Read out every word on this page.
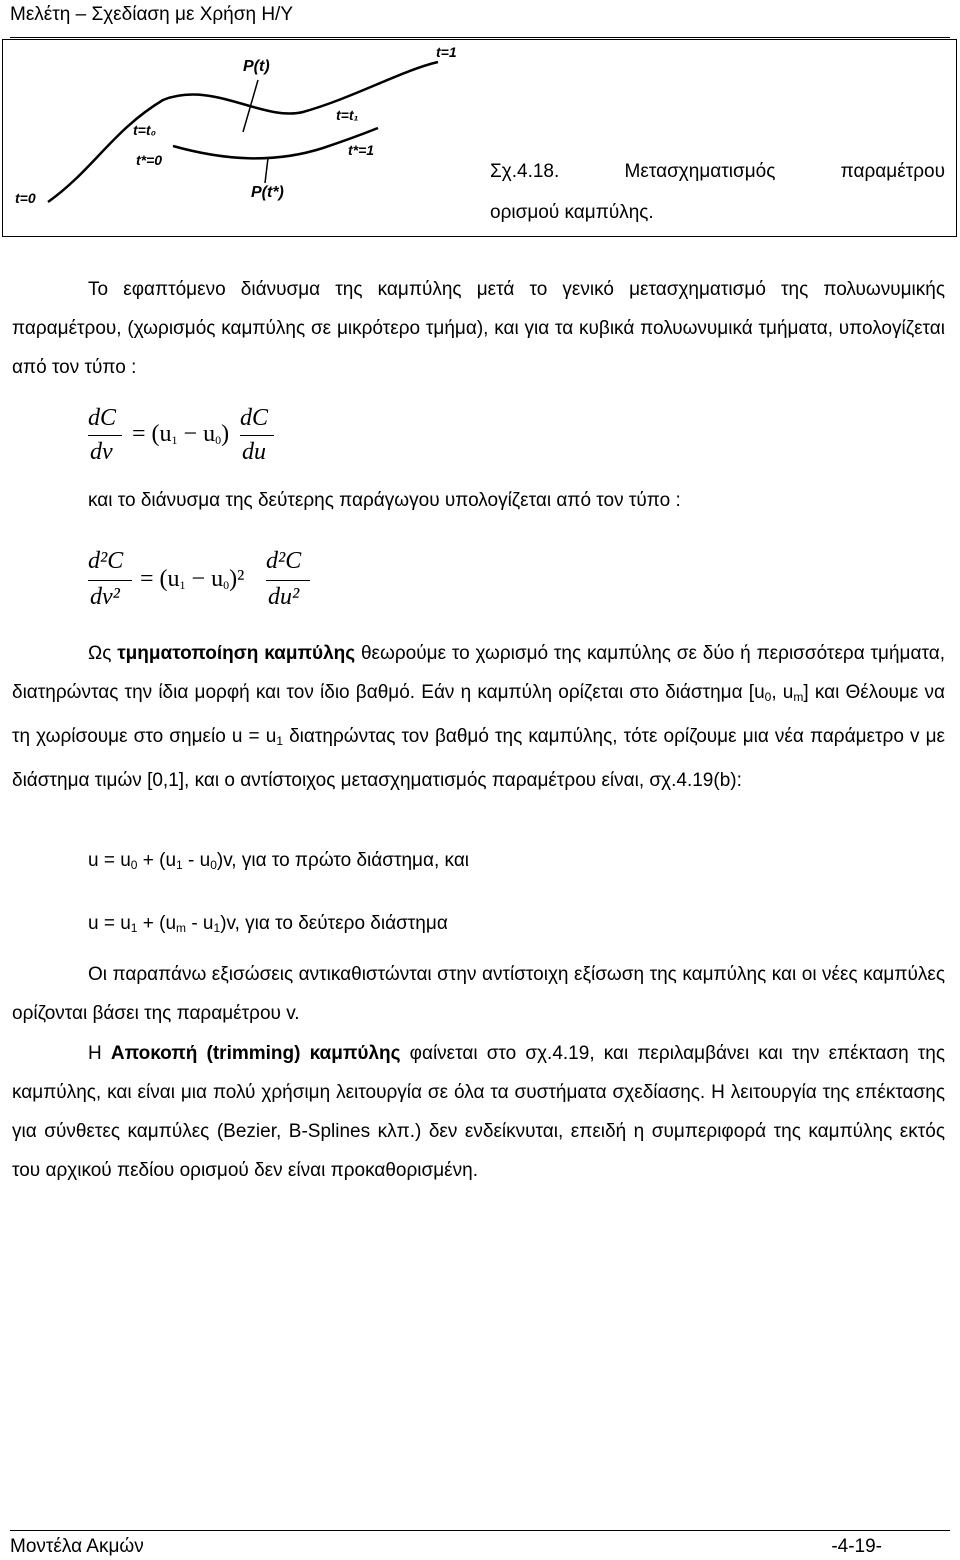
Μελέτη – Σχεδίαση με Χρήση Η/Υ
P(t)
P(t*)
t=1
t=t₀
t=t₁
t*=0
t*=1
t=0
Σχ.4.18.	Μετασχηματισμός	παραμέτρου
ορισμού καμπύλης.
Το εφαπτόμενο διάνυσμα της καμπύλης μετά το γενικό μετασχηματισμό της πολυωνυμικής παραμέτρου, (χωρισμός καμπύλης σε μικρότερο τμήμα), και για τα κυβικά πολυωνυμικά τμήματα, υπολογίζεται από τον τύπο :
dC
dv
= $(u_1 - u_0)$
dC
du
και το διάνυσμα της δεύτερης παράγωγου υπολογίζεται από τον τύπο :
d²C
dv²
= $(u_1 - u_0)^2$
d²C
du²
Ως τμηματοποίηση καμπύλης θεωρούμε το χωρισμό της καμπύλης σε δύο ή περισσότερα τμήματα, διατηρώντας την ίδια μορφή και τον ίδιο βαθμό. Εάν η καμπύλη ορίζεται στο διάστημα [$u_0$, $u_m$] και Θέλουμε να τη χωρίσουμε στο σημείο $u = u_1$ διατηρώντας τον βαθμό της καμπύλης, τότε ορίζουμε μια νέα παράμετρο v με διάστημα τιμών [0,1], και ο αντίστοιχος μετασχηματισμός παραμέτρου είναι, σχ.4.19(b):
$u = u_0 + (u_1 - u_0)v$, για το πρώτο διάστημα, και
$u = u_1 + (u_m - u_1)v$, για το δεύτερο διάστημα
Οι παραπάνω εξισώσεις αντικαθιστώνται στην αντίστοιχη εξίσωση της καμπύλης και οι νέες καμπύλες ορίζονται βάσει της παραμέτρου v.
Η Αποκοπή (trimming) καμπύλης φαίνεται στο σχ.4.19, και περιλαμβάνει και την επέκταση της καμπύλης, και είναι μια πολύ χρήσιμη λειτουργία σε όλα τα συστήματα σχεδίασης. Η λειτουργία της επέκτασης για σύνθετες καμπύλες (Bezier, B-Splines κλπ.) δεν ενδείκνυται, επειδή η συμπεριφορά της καμπύλης εκτός του αρχικού πεδίου ορισμού δεν είναι προκαθορισμένη.
Μοντέλα Ακμών	-4-19-
